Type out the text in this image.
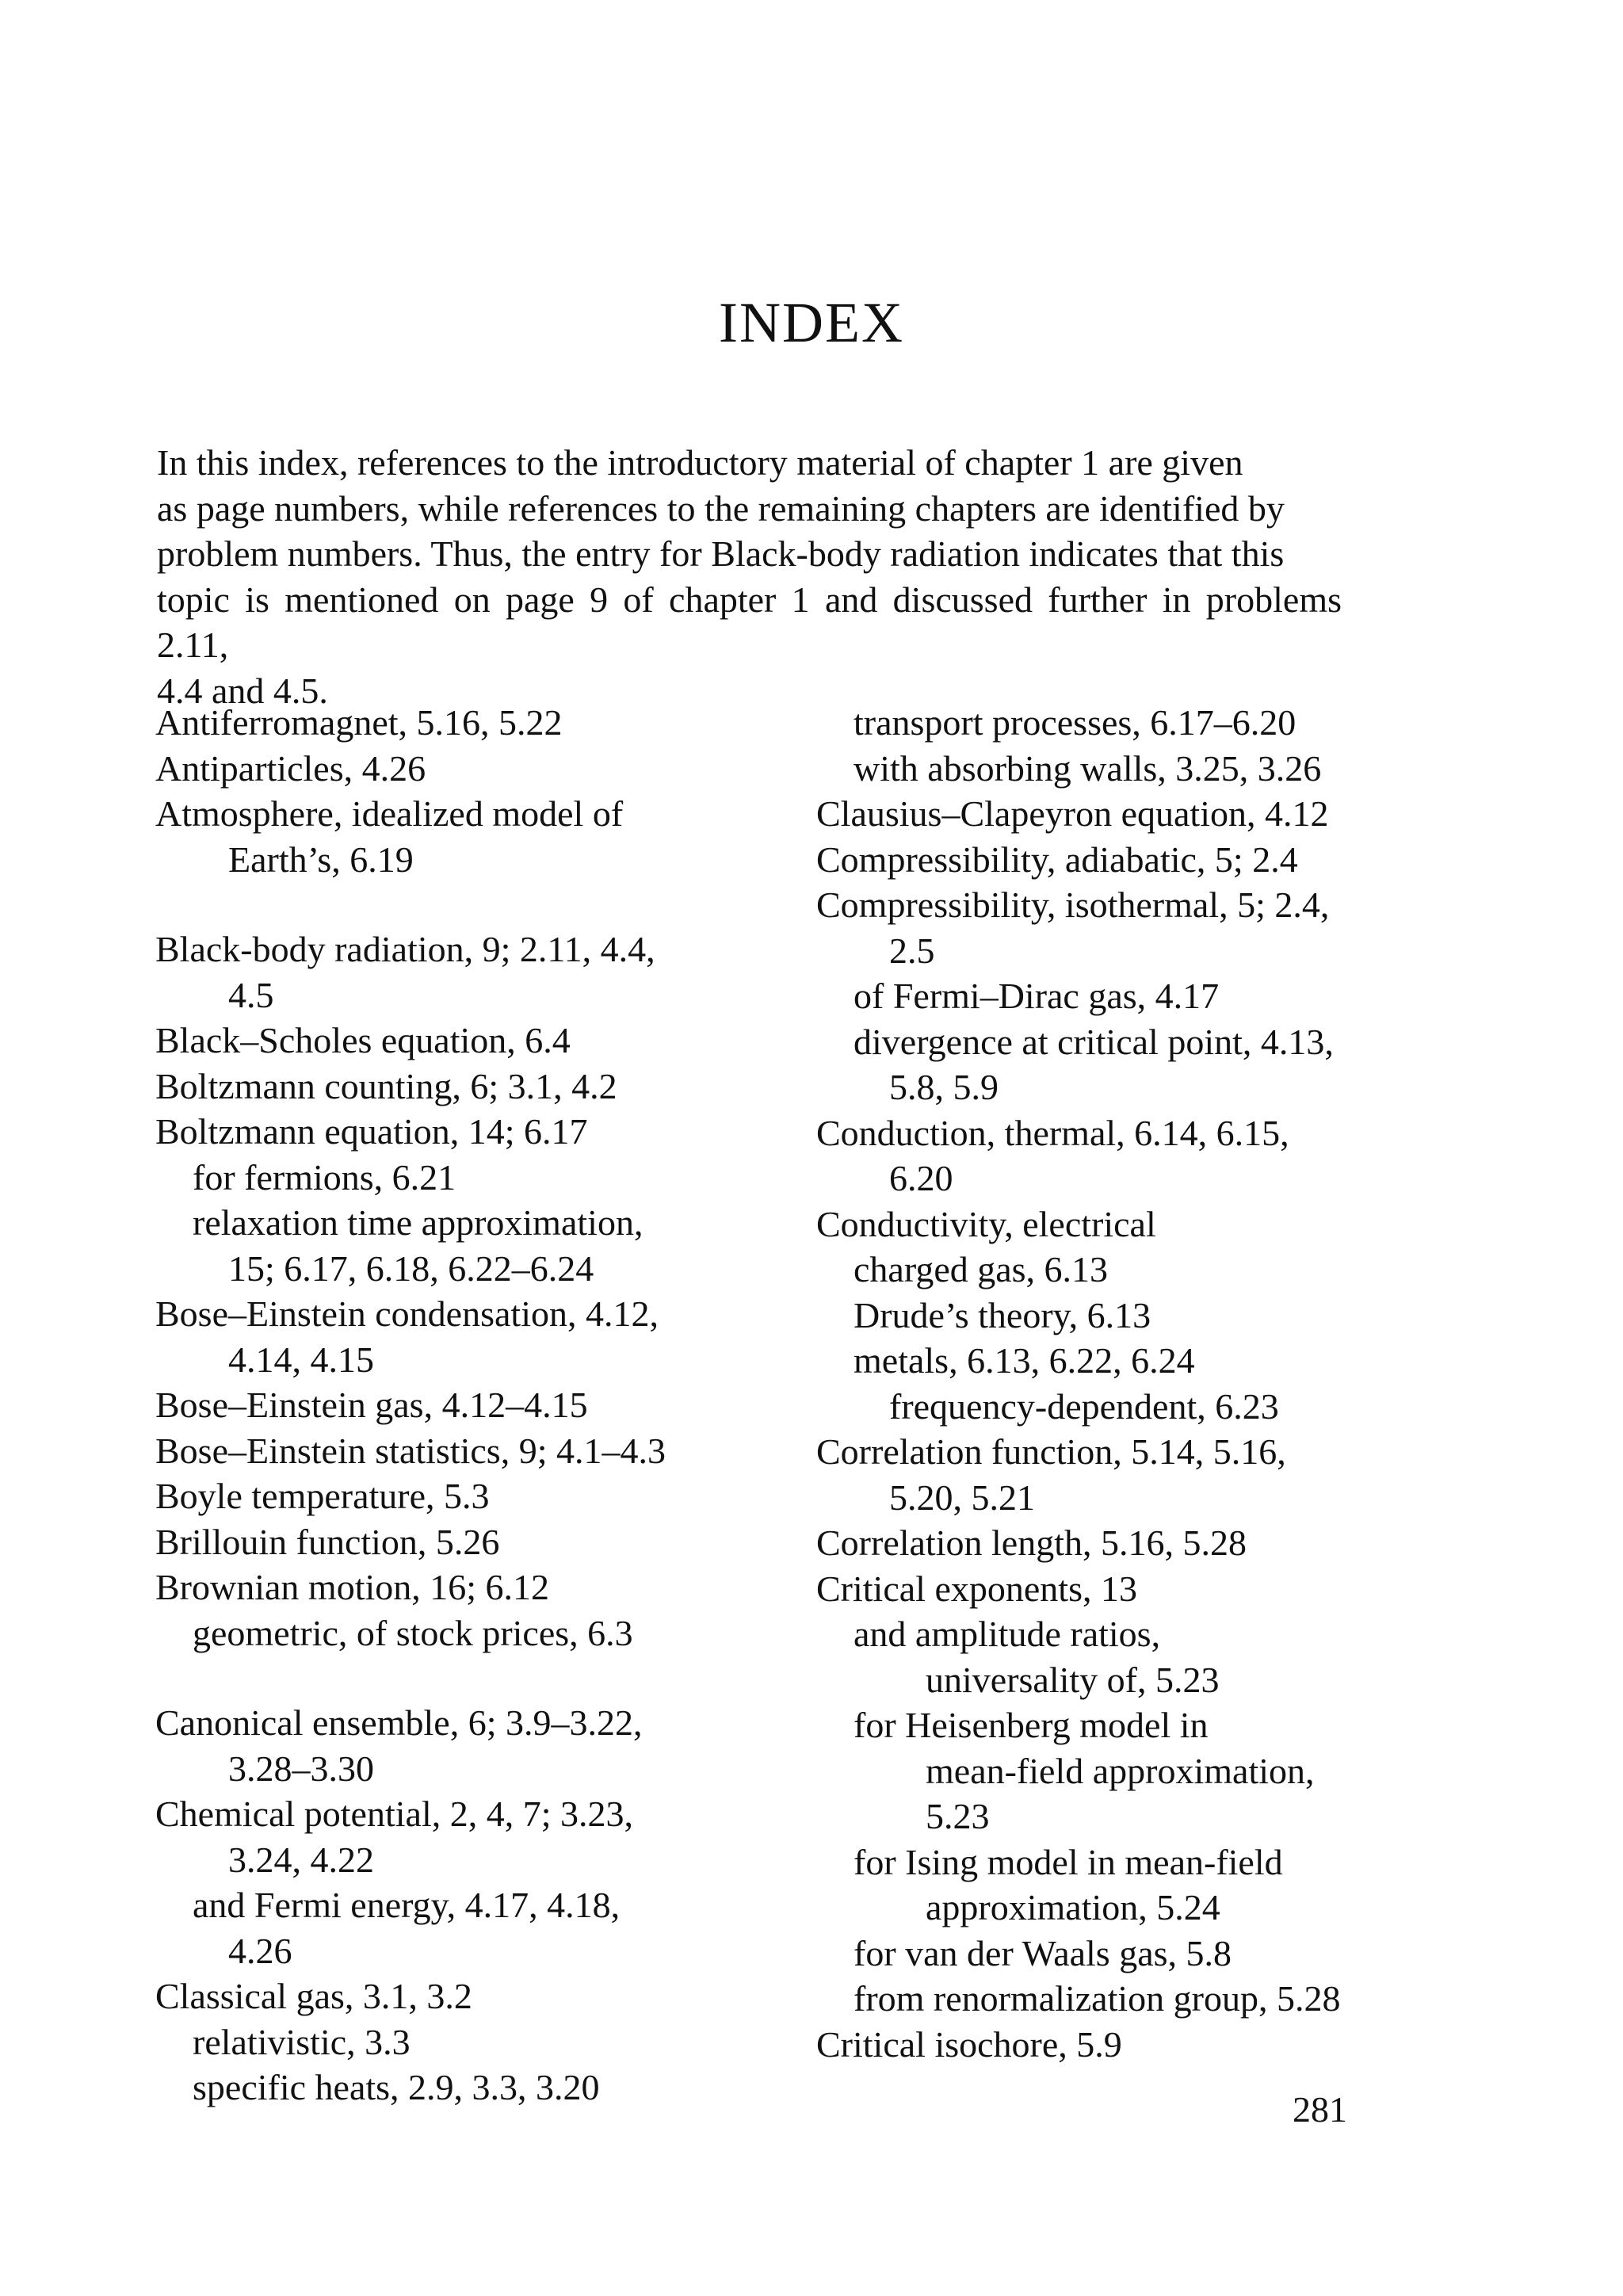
INDEX
In this index, references to the introductory material of chapter 1 are given
as page numbers, while references to the remaining chapters are identified by
problem numbers. Thus, the entry for Black-body radiation indicates that this
topic is mentioned on page 9 of chapter 1 and discussed further in problems 2.11,
4.4 and 4.5.
Antiferromagnet, 5.16, 5.22
Antiparticles, 4.26
Atmosphere, idealized model of
Earth’s, 6.19
Black-body radiation, 9; 2.11, 4.4,
4.5
Black–Scholes equation, 6.4
Boltzmann counting, 6; 3.1, 4.2
Boltzmann equation, 14; 6.17
for fermions, 6.21
relaxation time approximation,
15; 6.17, 6.18, 6.22–6.24
Bose–Einstein condensation, 4.12,
4.14, 4.15
Bose–Einstein gas, 4.12–4.15
Bose–Einstein statistics, 9; 4.1–4.3
Boyle temperature, 5.3
Brillouin function, 5.26
Brownian motion, 16; 6.12
geometric, of stock prices, 6.3
Canonical ensemble, 6; 3.9–3.22,
3.28–3.30
Chemical potential, 2, 4, 7; 3.23,
3.24, 4.22
and Fermi energy, 4.17, 4.18,
4.26
Classical gas, 3.1, 3.2
relativistic, 3.3
specific heats, 2.9, 3.3, 3.20
transport processes, 6.17–6.20
with absorbing walls, 3.25, 3.26
Clausius–Clapeyron equation, 4.12
Compressibility, adiabatic, 5; 2.4
Compressibility, isothermal, 5; 2.4,
2.5
of Fermi–Dirac gas, 4.17
divergence at critical point, 4.13,
5.8, 5.9
Conduction, thermal, 6.14, 6.15,
6.20
Conductivity, electrical
charged gas, 6.13
Drude’s theory, 6.13
metals, 6.13, 6.22, 6.24
frequency-dependent, 6.23
Correlation function, 5.14, 5.16,
5.20, 5.21
Correlation length, 5.16, 5.28
Critical exponents, 13
and amplitude ratios,
universality of, 5.23
for Heisenberg model in
mean-field approximation,
5.23
for Ising model in mean-field
approximation, 5.24
for van der Waals gas, 5.8
from renormalization group, 5.28
Critical isochore, 5.9
281
